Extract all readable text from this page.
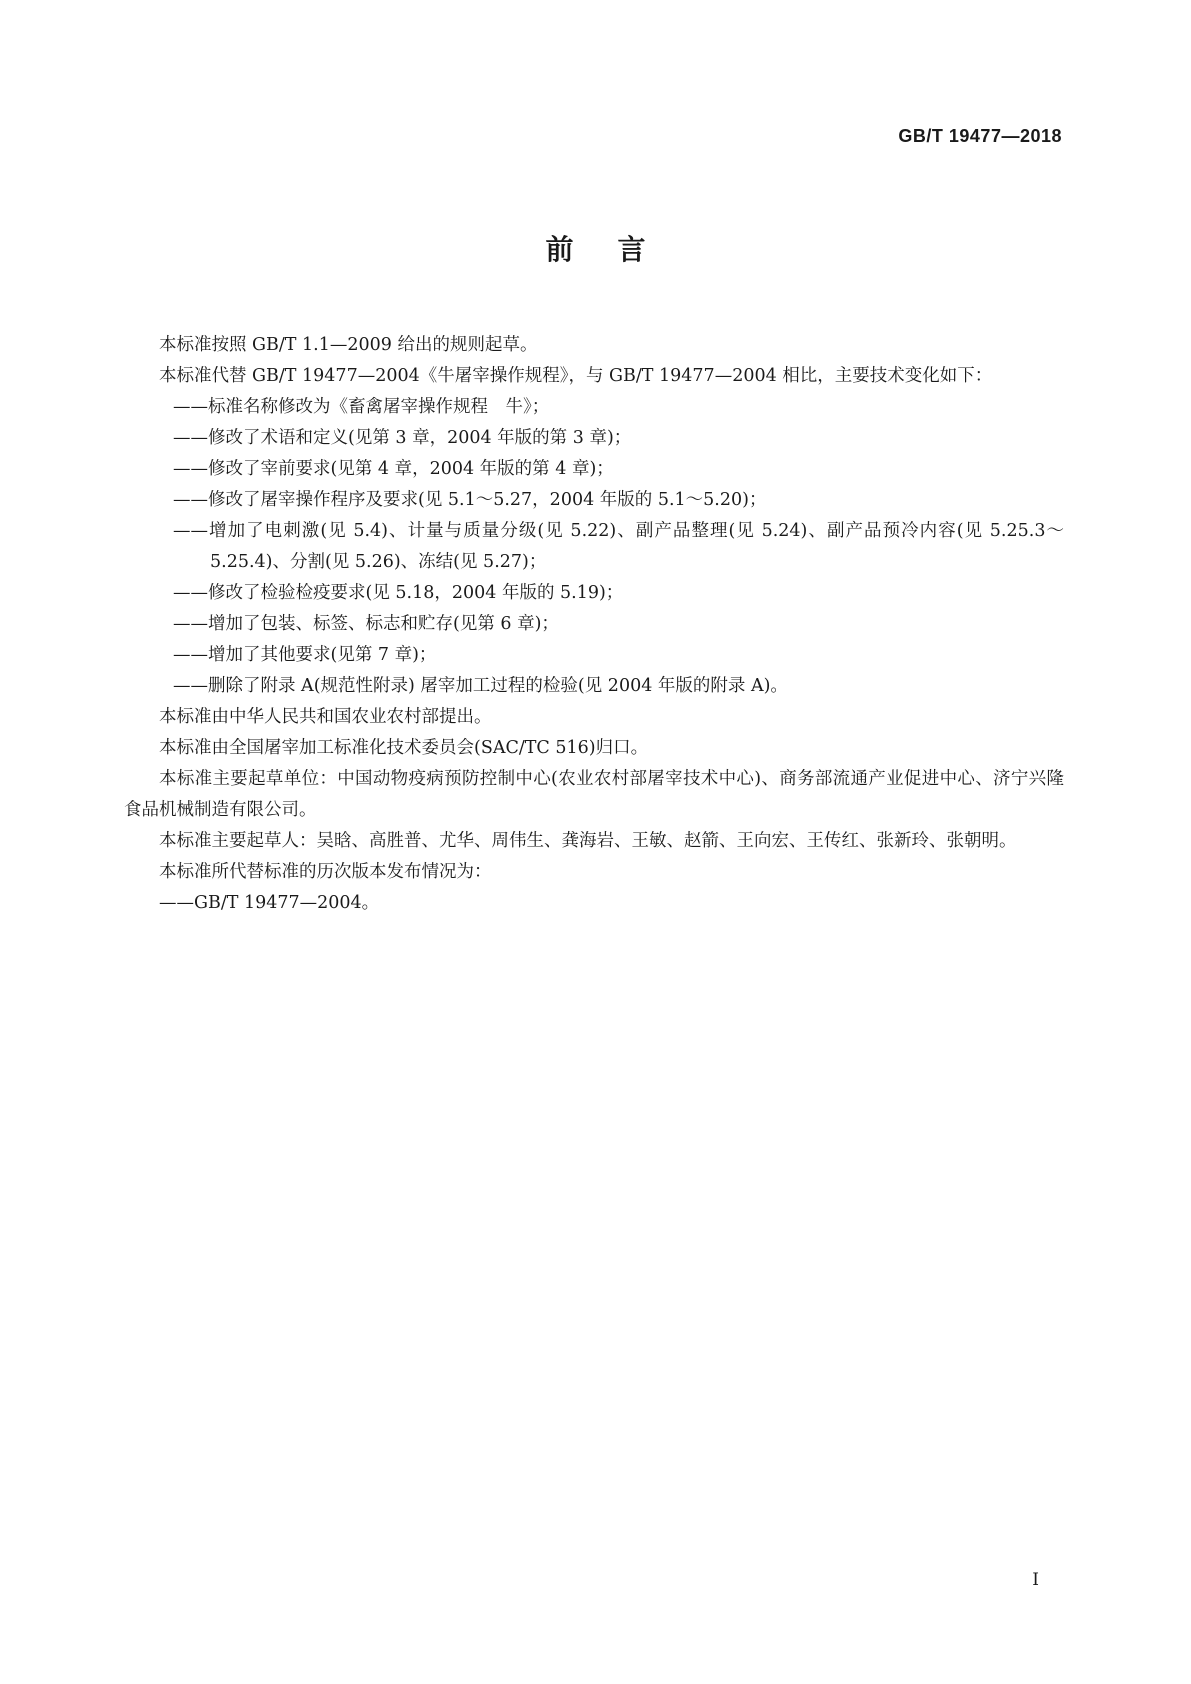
GB/T 19477—2018
前言

本标准按照 GB/T 1.1—2009 给出的规则起草。

本标准代替 GB/T 19477—2004《牛屠宰操作规程》，与 GB/T 19477—2004 相比，主要技术变化如下：

——标准名称修改为《畜禽屠宰操作规程　牛》；

——修改了术语和定义(见第 3 章，2004 年版的第 3 章)；

——修改了宰前要求(见第 4 章，2004 年版的第 4 章)；

——修改了屠宰操作程序及要求(见 5.1～5.27，2004 年版的 5.1～5.20)；

——增加了电刺激(见 5.4)、计量与质量分级(见 5.22)、副产品整理(见 5.24)、副产品预冷内容(见 5.25.3～5.25.4)、分割(见 5.26)、冻结(见 5.27)；

——修改了检验检疫要求(见 5.18，2004 年版的 5.19)；

——增加了包装、标签、标志和贮存(见第 6 章)；

——增加了其他要求(见第 7 章)；

——删除了附录 A(规范性附录) 屠宰加工过程的检验(见 2004 年版的附录 A)。

本标准由中华人民共和国农业农村部提出。

本标准由全国屠宰加工标准化技术委员会(SAC/TC 516)归口。

本标准主要起草单位：中国动物疫病预防控制中心(农业农村部屠宰技术中心)、商务部流通产业促进中心、济宁兴隆食品机械制造有限公司。

本标准主要起草人：吴晗、高胜普、尤华、周伟生、龚海岩、王敏、赵箭、王向宏、王传红、张新玲、张朝明。

本标准所代替标准的历次版本发布情况为：

——GB/T 19477—2004。

I
